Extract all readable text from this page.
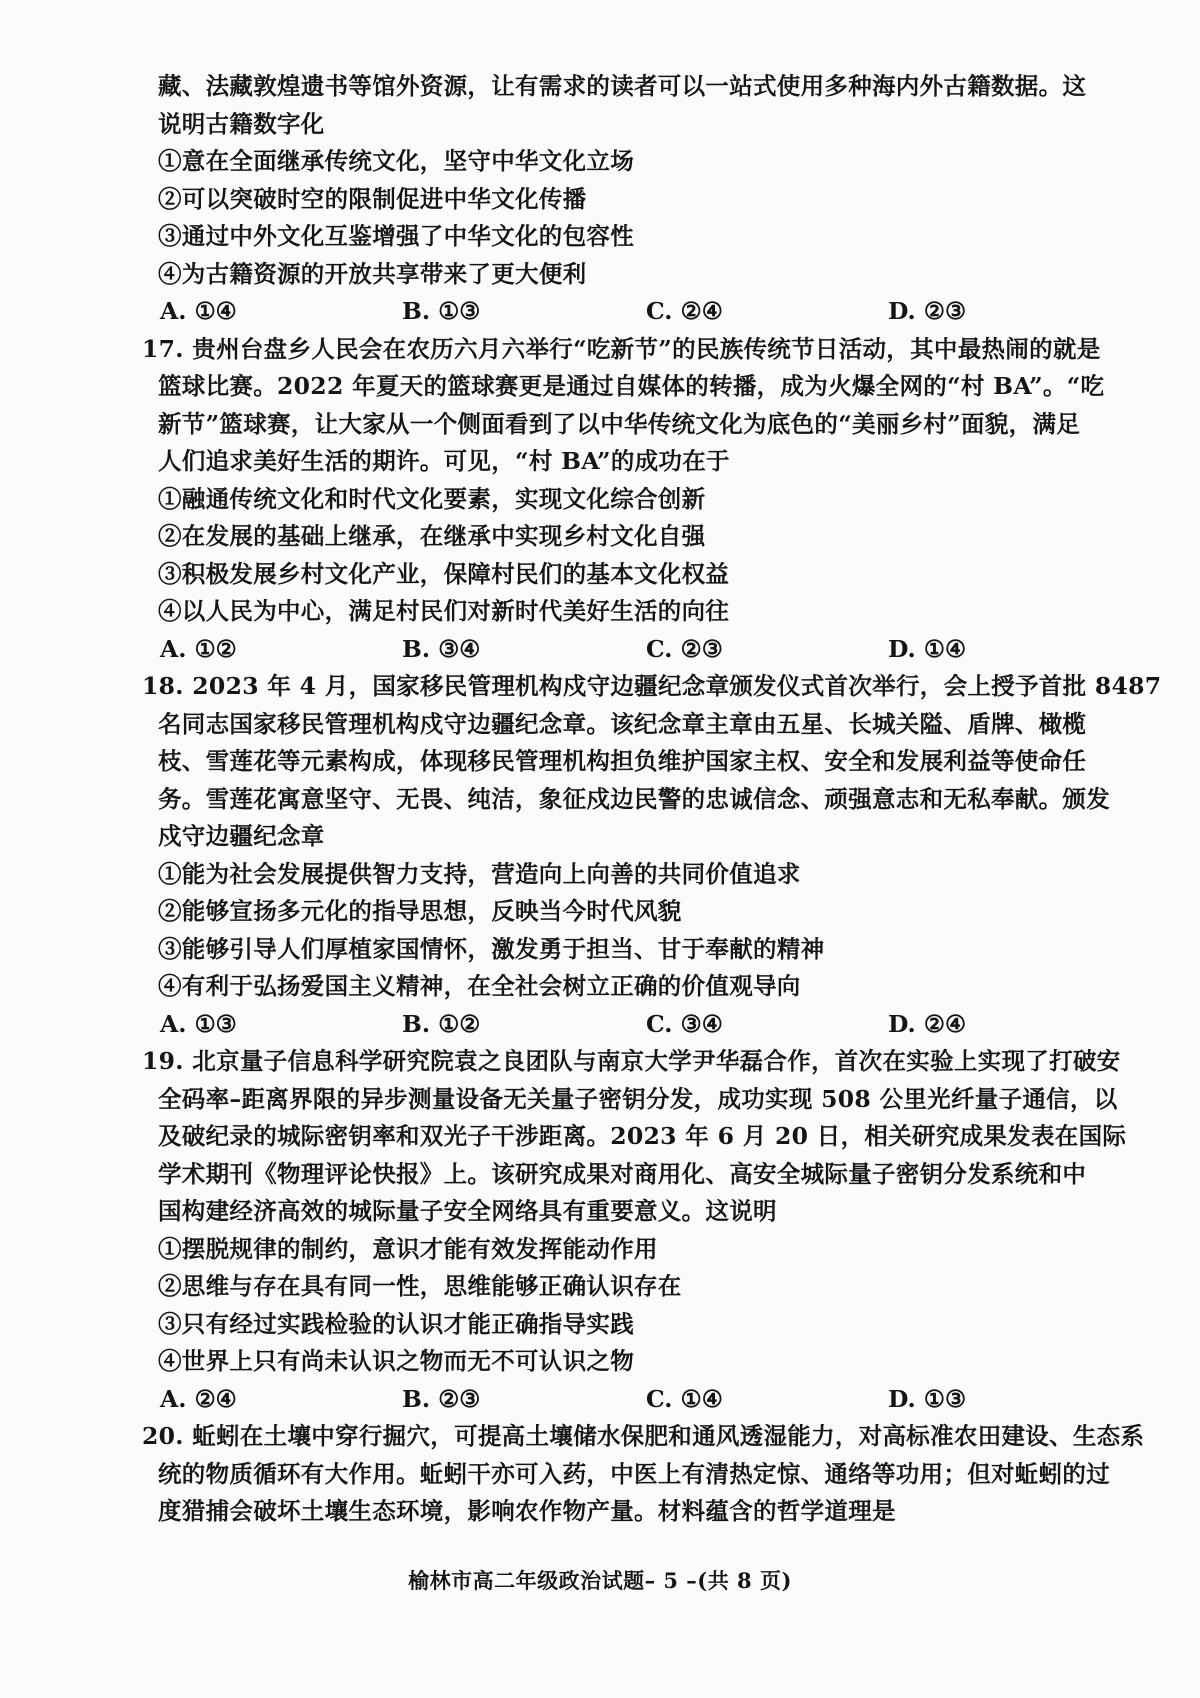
藏、法藏敦煌遗书等馆外资源，让有需求的读者可以一站式使用多种海内外古籍数据。这
说明古籍数字化
①意在全面继承传统文化，坚守中华文化立场
②可以突破时空的限制促进中华文化传播
③通过中外文化互鉴增强了中华文化的包容性
④为古籍资源的开放共享带来了更大便利
A. ①④	B. ①③	C. ②④	D. ②③
17. 贵州台盘乡人民会在农历六月六举行“吃新节”的民族传统节日活动，其中最热闹的就是
篮球比赛。2022 年夏天的篮球赛更是通过自媒体的转播，成为火爆全网的“村 BA”。“吃
新节”篮球赛，让大家从一个侧面看到了以中华传统文化为底色的“美丽乡村”面貌，满足
人们追求美好生活的期许。可见，“村 BA”的成功在于
①融通传统文化和时代文化要素，实现文化综合创新
②在发展的基础上继承，在继承中实现乡村文化自强
③积极发展乡村文化产业，保障村民们的基本文化权益
④以人民为中心，满足村民们对新时代美好生活的向往
A. ①②	B. ③④	C. ②③	D. ①④
18. 2023 年 4 月，国家移民管理机构戍守边疆纪念章颁发仪式首次举行，会上授予首批 8487
名同志国家移民管理机构戍守边疆纪念章。该纪念章主章由五星、长城关隘、盾牌、橄榄
枝、雪莲花等元素构成，体现移民管理机构担负维护国家主权、安全和发展利益等使命任
务。雪莲花寓意坚守、无畏、纯洁，象征戍边民警的忠诚信念、顽强意志和无私奉献。颁发
戍守边疆纪念章
①能为社会发展提供智力支持，营造向上向善的共同价值追求
②能够宣扬多元化的指导思想，反映当今时代风貌
③能够引导人们厚植家国情怀，激发勇于担当、甘于奉献的精神
④有利于弘扬爱国主义精神，在全社会树立正确的价值观导向
A. ①③	B. ①②	C. ③④	D. ②④
19. 北京量子信息科学研究院袁之良团队与南京大学尹华磊合作，首次在实验上实现了打破安
全码率–距离界限的异步测量设备无关量子密钥分发，成功实现 508 公里光纤量子通信，以
及破纪录的城际密钥率和双光子干涉距离。2023 年 6 月 20 日，相关研究成果发表在国际
学术期刊《物理评论快报》上。该研究成果对商用化、高安全城际量子密钥分发系统和中
国构建经济高效的城际量子安全网络具有重要意义。这说明
①摆脱规律的制约，意识才能有效发挥能动作用
②思维与存在具有同一性，思维能够正确认识存在
③只有经过实践检验的认识才能正确指导实践
④世界上只有尚未认识之物而无不可认识之物
A. ②④	B. ②③	C. ①④	D. ①③
20. 蚯蚓在土壤中穿行掘穴，可提高土壤储水保肥和通风透湿能力，对高标准农田建设、生态系
统的物质循环有大作用。蚯蚓干亦可入药，中医上有清热定惊、通络等功用；但对蚯蚓的过
度猎捕会破坏土壤生态环境，影响农作物产量。材料蕴含的哲学道理是
榆林市高二年级政治试题– 5 –(共 8 页)
